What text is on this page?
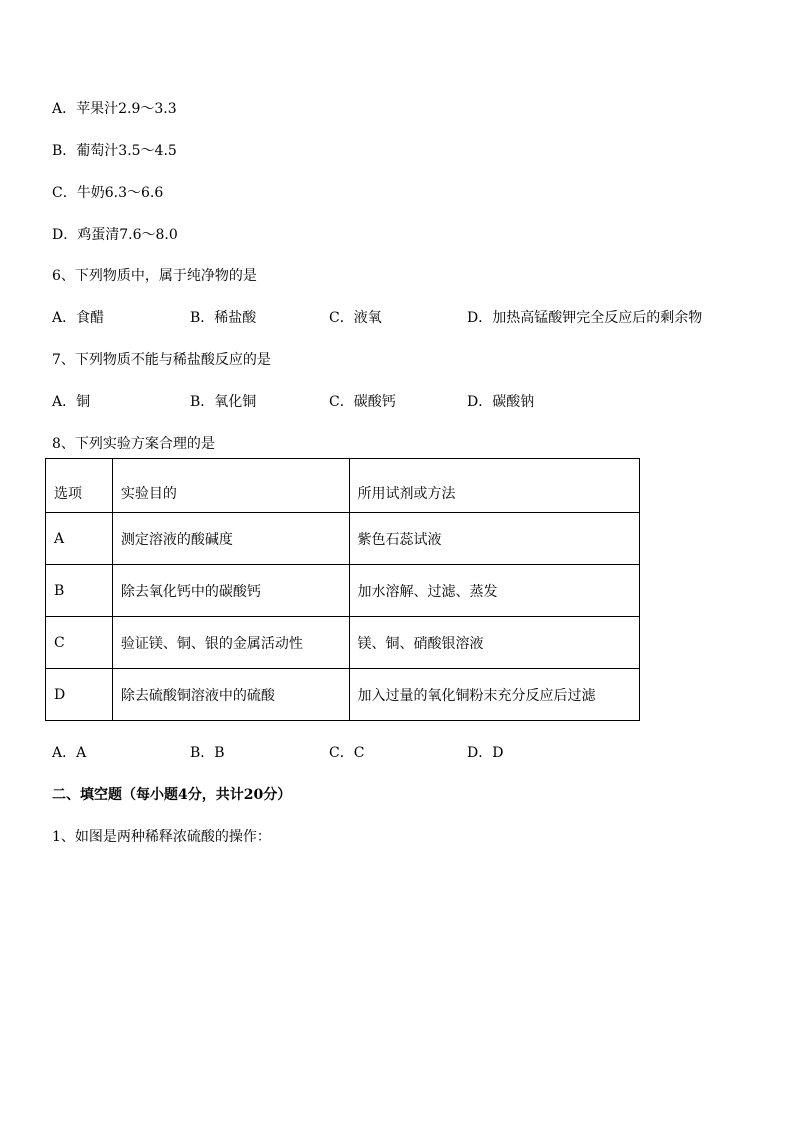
A．苹果汁2.9～3.3
B．葡萄汁3.5～4.5
C．牛奶6.3～6.6
D．鸡蛋清7.6～8.0
6、下列物质中，属于纯净物的是
A．食醋	B．稀盐酸	C．液氧	D．加热高锰酸钾完全反应后的剩余物
7、下列物质不能与稀盐酸反应的是
A．铜	B．氧化铜	C．碳酸钙	D．碳酸钠
8、下列实验方案合理的是
选项	实验目的	所用试剂或方法
A	测定溶液的酸碱度	紫色石蕊试液
B	除去氧化钙中的碳酸钙	加水溶解、过滤、蒸发
C	验证镁、铜、银的金属活动性	镁、铜、硝酸银溶液
D	除去硫酸铜溶液中的硫酸	加入过量的氧化铜粉末充分反应后过滤
A．A	B．B	C．C	D．D
二、填空题（每小题4分，共计20分）
1、如图是两种稀释浓硫酸的操作：
